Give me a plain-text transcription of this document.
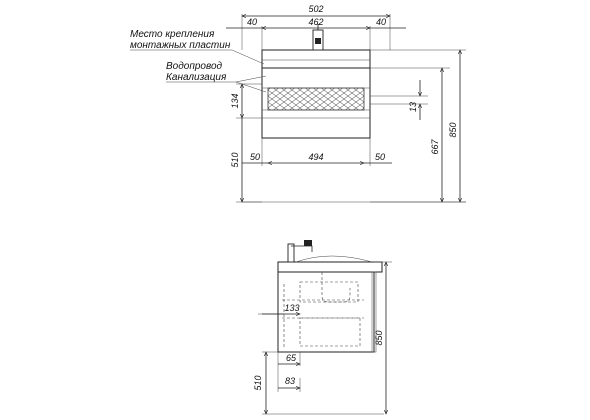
502
462
40	40
Место крепления
монтажных пластин
Водопровод
Канализация
134
510
13
667
850
50	494	50
133
65
83
510
850
